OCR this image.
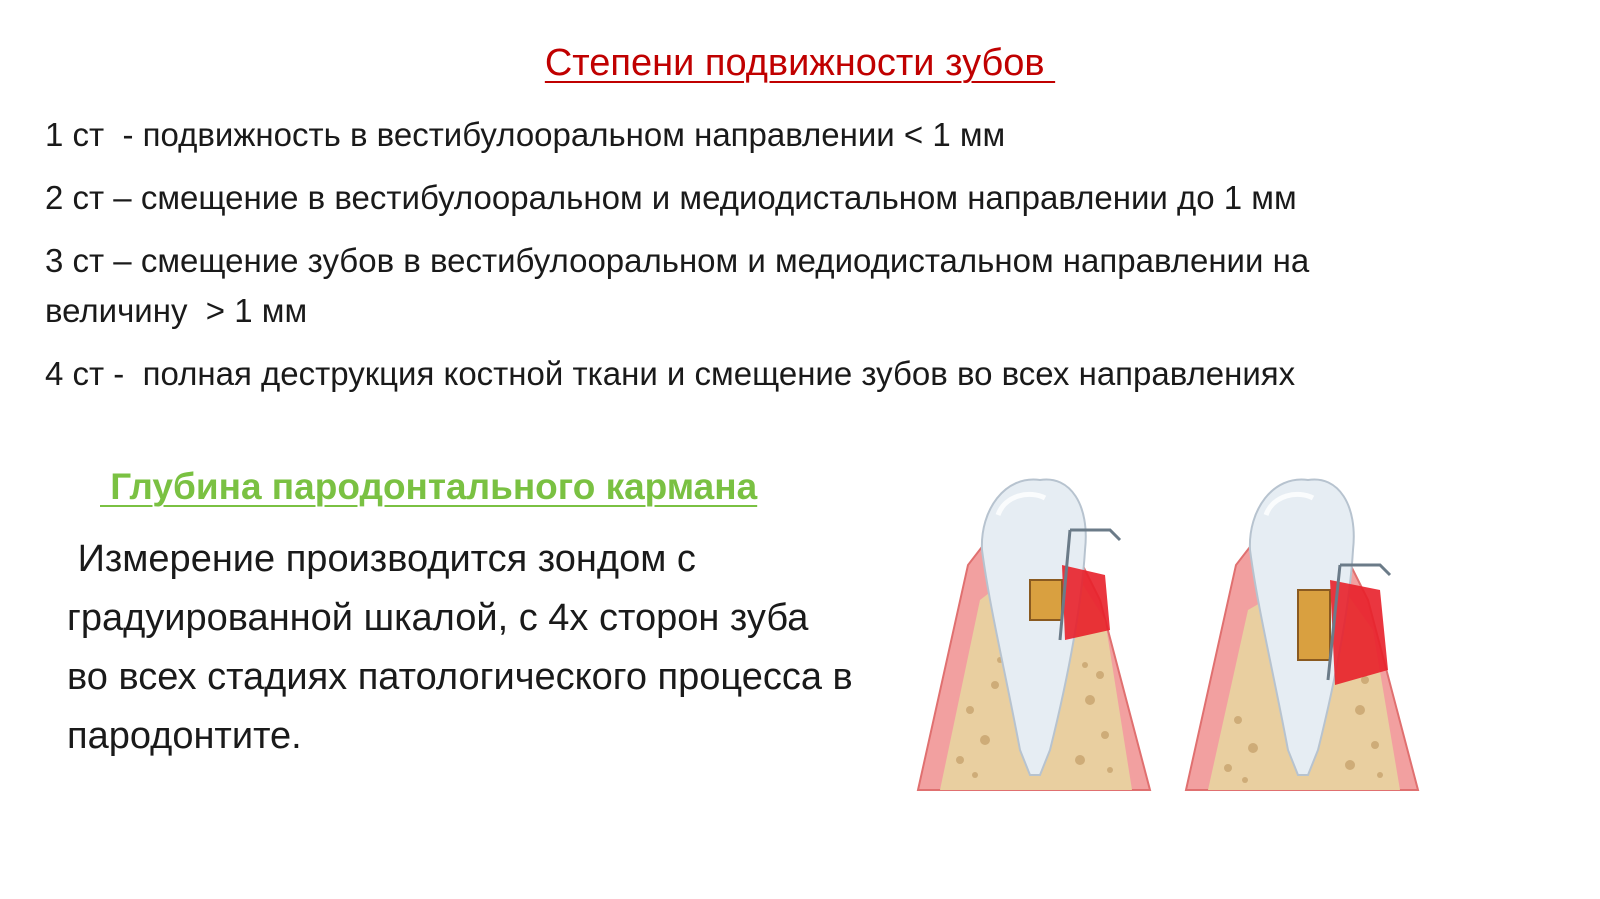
Степени подвижности зубов
1 ст  - подвижность в вестибулооральном направлении < 1 мм
2 ст – смещение в вестибулооральном и медиодистальном направлении до 1 мм
3 ст – смещение зубов в вестибулооральном и медиодистальном направлении на величину  > 1 мм
4 ст -  полная деструкция костной ткани и смещение зубов во всех направлениях
Глубина пародонтального кармана
Измерение производится зондом с градуированной шкалой, с 4х сторон зуба  во всех стадиях патологического процесса в пародонтите.
